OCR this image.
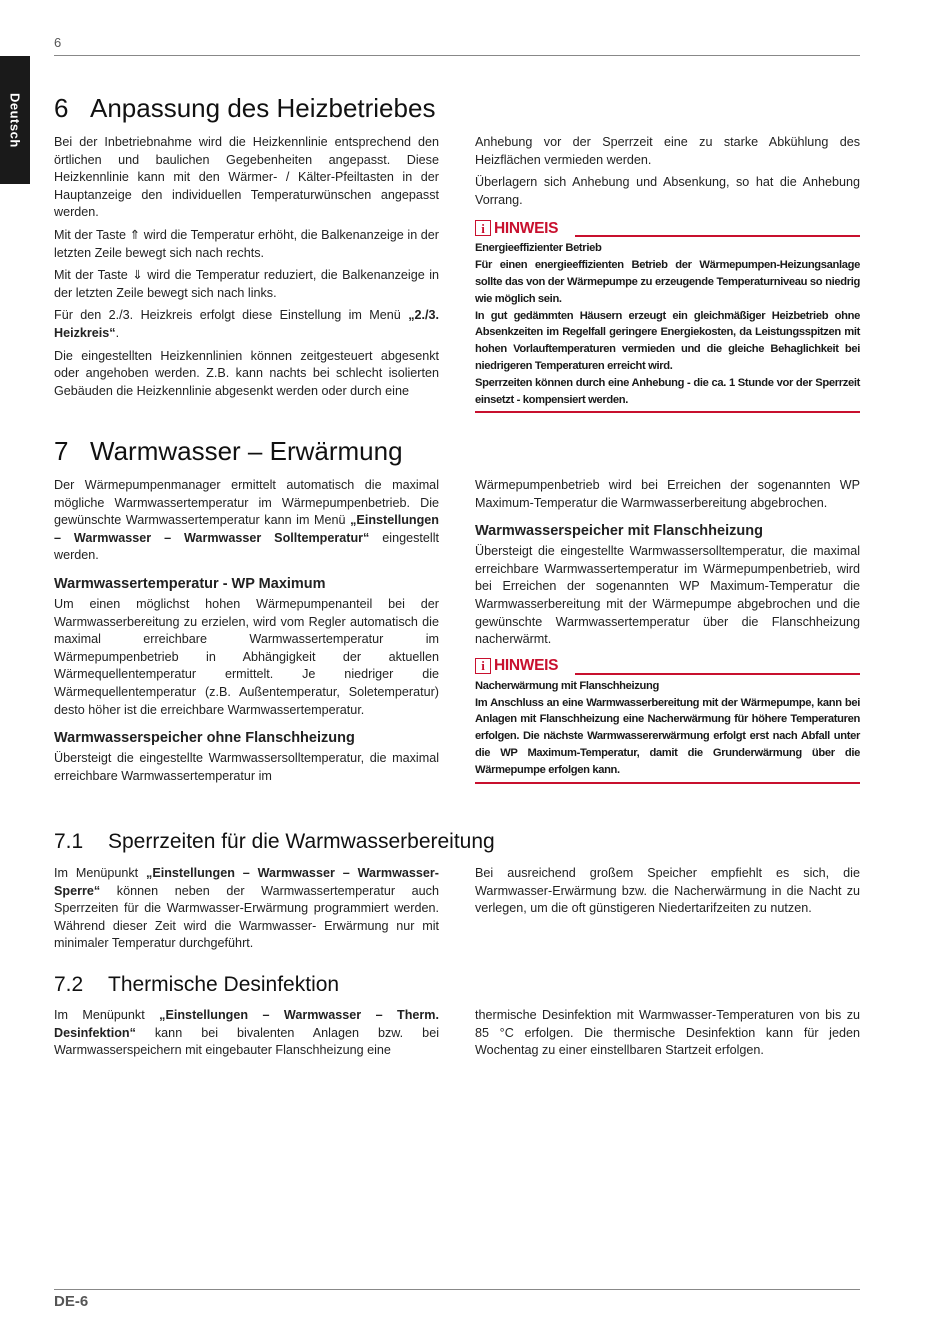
6
Deutsch 6 Anpassung des Heizbetriebes

Bei der Inbetriebnahme wird die Heizkennlinie entsprechend den örtlichen und baulichen Gegebenheiten angepasst. Diese Heizkennlinie kann mit den Wärmer- / Kälter-Pfeiltasten in der Hauptanzeige den individuellen Temperaturwünschen angepasst werden.

Mit der Taste ⇑ wird die Temperatur erhöht, die Balkenanzeige in der letzten Zeile bewegt sich nach rechts.

Mit der Taste ⇓ wird die Temperatur reduziert, die Balkenanzeige in der letzten Zeile bewegt sich nach links.

Für den 2./3. Heizkreis erfolgt diese Einstellung im Menü „2./3. Heizkreis“.

Die eingestellten Heizkennlinien können zeitgesteuert abgesenkt oder angehoben werden. Z.B. kann nachts bei schlecht isolierten Gebäuden die Heizkennlinie abgesenkt werden oder durch eine

Anhebung vor der Sperrzeit eine zu starke Abkühlung des Heizflächen vermieden werden.

Überlagern sich Anhebung und Absenkung, so hat die Anhebung Vorrang.

i HINWEIS

Energieeffizienter Betrieb

Für einen energieeffizienten Betrieb der Wärmepumpen-Heizungsanlage sollte das von der Wärmepumpe zu erzeugende Temperaturniveau so niedrig wie möglich sein.

In gut gedämmten Häusern erzeugt ein gleichmäßiger Heizbetrieb ohne Absenkzeiten im Regelfall geringere Energiekosten, da Leistungsspitzen mit hohen Vorlauftemperaturen vermieden und die gleiche Behaglichkeit bei niedrigeren Temperaturen erreicht wird.

Sperrzeiten können durch eine Anhebung - die ca. 1 Stunde vor der Sperrzeit einsetzt - kompensiert werden.

7 Warmwasser – Erwärmung

Der Wärmepumpenmanager ermittelt automatisch die maximal mögliche Warmwassertemperatur im Wärmepumpenbetrieb. Die gewünschte Warmwassertemperatur kann im Menü „Einstellungen – Warmwasser – Warmwasser Solltemperatur“ eingestellt werden.

Warmwassertemperatur - WP Maximum

Um einen möglichst hohen Wärmepumpenanteil bei der Warmwasserbereitung zu erzielen, wird vom Regler automatisch die maximal erreichbare Warmwassertemperatur im Wärmepumpenbetrieb in Abhängigkeit der aktuellen Wärmequellentemperatur ermittelt. Je niedriger die Wärmequellentemperatur (z.B. Außentemperatur, Soletemperatur) desto höher ist die erreichbare Warmwassertemperatur.

Warmwasserspeicher ohne Flanschheizung

Übersteigt die eingestellte Warmwassersolltemperatur, die maximal erreichbare Warmwassertemperatur im

Wärmepumpenbetrieb wird bei Erreichen der sogenannten WP Maximum-Temperatur die Warmwasserbereitung abgebrochen.

Warmwasserspeicher mit Flanschheizung

Übersteigt die eingestellte Warmwassersolltemperatur, die maximal erreichbare Warmwassertemperatur im Wärmepumpenbetrieb, wird bei Erreichen der sogenannten WP Maximum-Temperatur die Warmwasserbereitung mit der Wärmepumpe abgebrochen und die gewünschte Warmwassertemperatur über die Flanschheizung nacherwärmt.

i HINWEIS

Nacherwärmung mit Flanschheizung

Im Anschluss an eine Warmwasserbereitung mit der Wärmepumpe, kann bei Anlagen mit Flanschheizung eine Nacherwärmung für höhere Temperaturen erfolgen. Die nächste Warmwassererwärmung erfolgt erst nach Abfall unter die WP Maximum-Temperatur, damit die Grunderwärmung über die Wärmepumpe erfolgen kann.

7.1 Sperrzeiten für die Warmwasserbereitung

Im Menüpunkt „Einstellungen – Warmwasser – Warmwasser-Sperre“ können neben der Warmwassertemperatur auch Sperrzeiten für die Warmwasser-Erwärmung programmiert werden. Während dieser Zeit wird die Warmwasser- Erwärmung nur mit minimaler Temperatur durchgeführt.

Bei ausreichend großem Speicher empfiehlt es sich, die Warmwasser-Erwärmung bzw. die Nacherwärmung in die Nacht zu verlegen, um die oft günstigeren Niedertarifzeiten zu nutzen.

7.2 Thermische Desinfektion

Im Menüpunkt „Einstellungen – Warmwasser – Therm. Desinfektion“ kann bei bivalenten Anlagen bzw. bei Warmwasserspeichern mit eingebauter Flanschheizung eine

thermische Desinfektion mit Warmwasser-Temperaturen von bis zu 85 °C erfolgen. Die thermische Desinfektion kann für jeden Wochentag zu einer einstellbaren Startzeit erfolgen.

DE-6
